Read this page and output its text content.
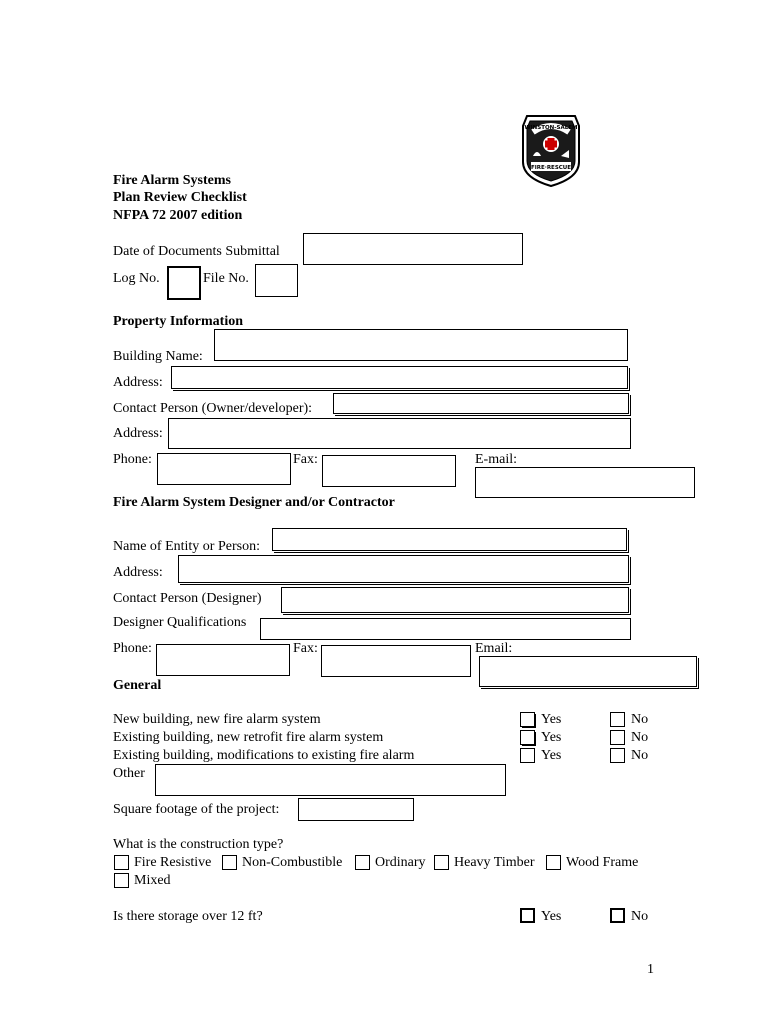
WINSTON-SALEM
FIRE·RESCUE
Fire Alarm Systems
Plan Review Checklist
NFPA 72 2007 edition
Date of Documents Submittal
Log No.	File No.
Property Information
Building Name:
Address:
Contact Person (Owner/developer):
Address:
Phone:	Fax:	E-mail:
Fire Alarm System Designer and/or Contractor
Name of Entity or Person:
Address:
Contact Person (Designer)
Designer Qualifications
Phone:	Fax:	Email:
General
New building, new fire alarm system	Yes	No
Existing building, new retrofit fire alarm system	Yes	No
Existing building, modifications to existing fire alarm	Yes	No
Other
Square footage of the project:
What is the construction type?
Fire Resistive Non-Combustible Ordinary Heavy Timber Wood Frame
Mixed
Is there storage over 12 ft?	Yes	No
1
